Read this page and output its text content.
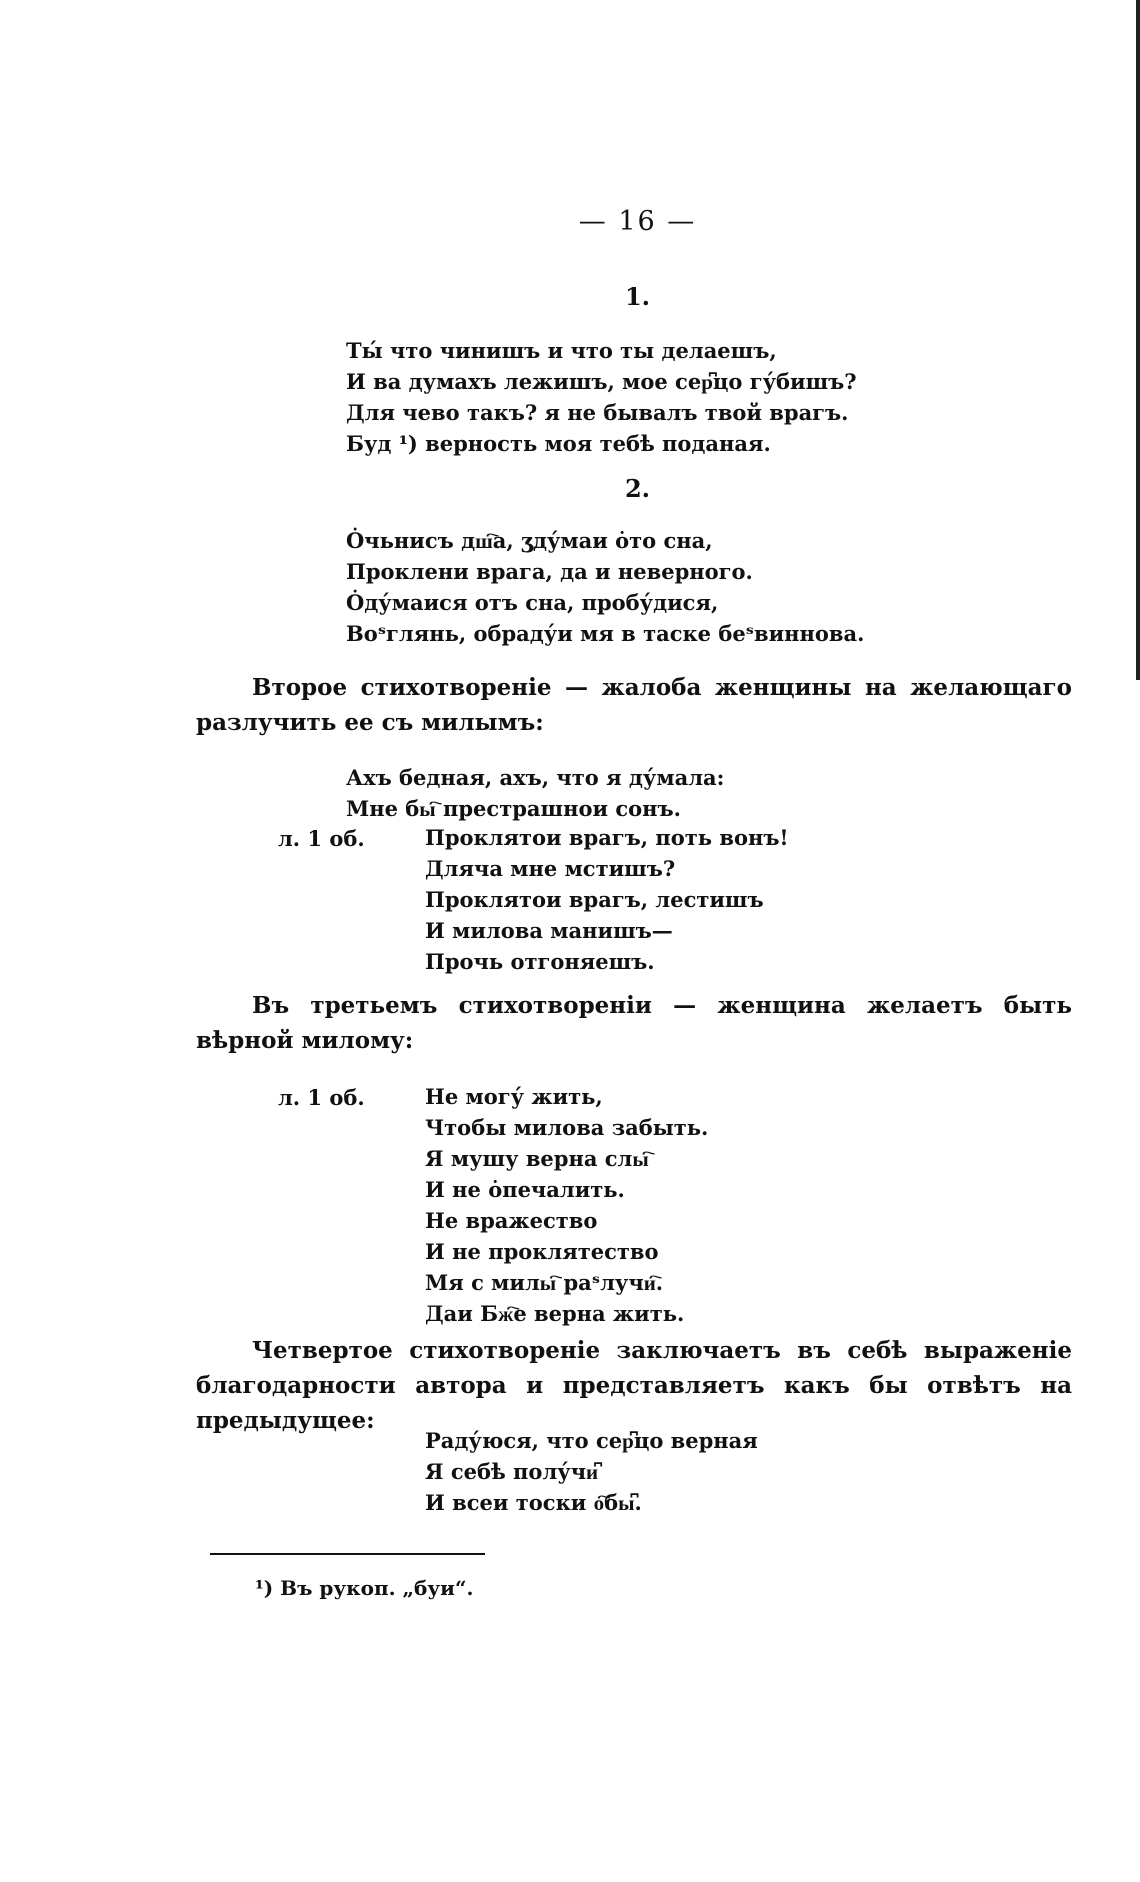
— 16 —
1.
Ты́ что чинишъ и что ты делаешъ,
И ва думахъ лежишъ, мое сер͆цо гу́бишъ?
Для чево такъ? я не бывалъ твой врагъ.
Буд ¹) верность моя тебѣ поданая.
2.
Ȯчьнисъ дш҇а, ʒду́маи ȯто сна,
Проклени врага, да и неверного.
Ȯду́маися отъ сна, пробу́дися,
Воˢглянь, обраду́и мя в таске беˢвиннова.
Второе стихотворенiе — жалоба женщины на желающаго разлучить ее съ милымъ:
Ахъ бедная, ахъ, что я ду́мала:
Мне бы҇ престрашнои сонъ.
л. 1 об.	Проклятои врагъ, поть вонъ!
Длячa мне мстишъ?
Проклятои врагъ, лестишъ
И милова манишъ—
Прочь отгоняешъ.
Въ третьемъ стихотворенiи — женщина желаетъ быть вѣрной милому:
л. 1 об.	Не могу́ жить,
Чтобы милова забыть.
Я мушу верна слы҇
И не ȯпечалить.
Не вражество
И не проклятество
Мя с милы҇ раˢлучи҇.
Даи Бж҇е верна жить.
Четвертое стихотворенiе заключаетъ въ себѣ выраженiе благодарности автора и представляетъ какъ бы отвѣтъ на предыдущее:
Раду́юся, что сер͆цо верная
Я себѣ полу́чи͆
И всеи тоски о҇бы͆.
¹) Въ рукоп. „буи“.
